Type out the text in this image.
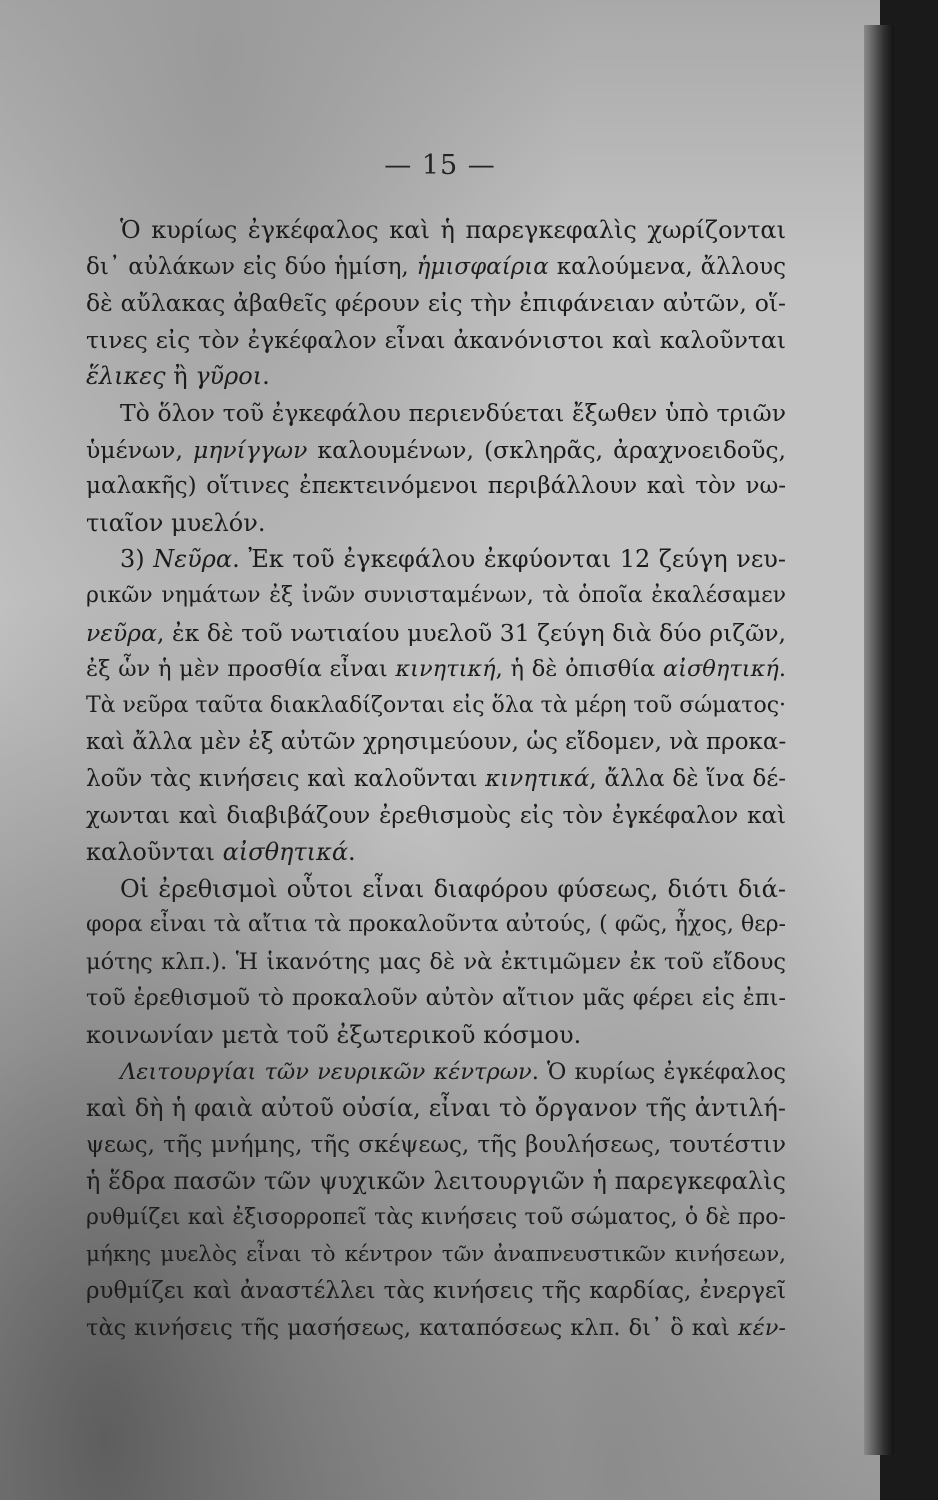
— 15 —
Ὁ κυρίως ἐγκέφαλος καὶ ἡ παρεγκεφαλὶς χωρίζονται
δι᾽ αὐλάκων εἰς δύο ἡμίση, ἡμισφαίρια καλούμενα, ἄλλους
δὲ αὔλακας ἀβαθεῖς φέρουν εἰς τὴν ἐπιφάνειαν αὐτῶν, οἵ-
τινες εἰς τὸν ἐγκέφαλον εἶναι ἀκανόνιστοι καὶ καλοῦνται
ἕλικες ἢ γῦροι.
Τὸ ὅλον τοῦ ἐγκεφάλου περιενδύεται ἔξωθεν ὑπὸ τριῶν
ὑμένων, μηνίγγων καλουμένων, (σκληρᾶς, ἀραχνοειδοῦς,
μαλακῆς) οἵτινες ἐπεκτεινόμενοι περιβάλλουν καὶ τὸν νω-
τιαῖον μυελόν.
3) Νεῦρα. Ἐκ τοῦ ἐγκεφάλου ἐκφύονται 12 ζεύγη νευ-
ρικῶν νημάτων ἐξ ἰνῶν συνισταμένων, τὰ ὁποῖα ἐκαλέσαμεν
νεῦρα, ἐκ δὲ τοῦ νωτιαίου μυελοῦ 31 ζεύγη διὰ δύο ριζῶν,
ἐξ ὧν ἡ μὲν προσθία εἶναι κινητική, ἡ δὲ ὀπισθία αἰσθητική.
Τὰ νεῦρα ταῦτα διακλαδίζονται εἰς ὅλα τὰ μέρη τοῦ σώματος·
καὶ ἄλλα μὲν ἐξ αὐτῶν χρησιμεύουν, ὡς εἴδομεν, νὰ προκα-
λοῦν τὰς κινήσεις καὶ καλοῦνται κινητικά, ἄλλα δὲ ἵνα δέ-
χωνται καὶ διαβιβάζουν ἐρεθισμοὺς εἰς τὸν ἐγκέφαλον καὶ
καλοῦνται αἰσθητικά.
Οἱ ἐρεθισμοὶ οὗτοι εἶναι διαφόρου φύσεως, διότι διά-
φορα εἶναι τὰ αἴτια τὰ προκαλοῦντα αὐτούς, ( φῶς, ἦχος, θερ-
μότης κλπ.). Ἡ ἱκανότης μας δὲ νὰ ἐκτιμῶμεν ἐκ τοῦ εἴδους
τοῦ ἐρεθισμοῦ τὸ προκαλοῦν αὐτὸν αἴτιον μᾶς φέρει εἰς ἐπι-
κοινωνίαν μετὰ τοῦ ἐξωτερικοῦ κόσμου.
Λειτουργίαι τῶν νευρικῶν κέντρων. Ὁ κυρίως ἐγκέφαλος
καὶ δὴ ἡ φαιὰ αὐτοῦ οὐσία, εἶναι τὸ ὄργανον τῆς ἀντιλή-
ψεως, τῆς μνήμης, τῆς σκέψεως, τῆς βουλήσεως, τουτέστιν
ἡ ἕδρα πασῶν τῶν ψυχικῶν λειτουργιῶν ἡ παρεγκεφαλὶς
ρυθμίζει καὶ ἐξισορροπεῖ τὰς κινήσεις τοῦ σώματος, ὁ δὲ προ-
μήκης μυελὸς εἶναι τὸ κέντρον τῶν ἀναπνευστικῶν κινήσεων,
ρυθμίζει καὶ ἀναστέλλει τὰς κινήσεις τῆς καρδίας, ἐνεργεῖ
τὰς κινήσεις τῆς μασήσεως, καταπόσεως κλπ. δι᾽ ὃ καὶ κέν-
